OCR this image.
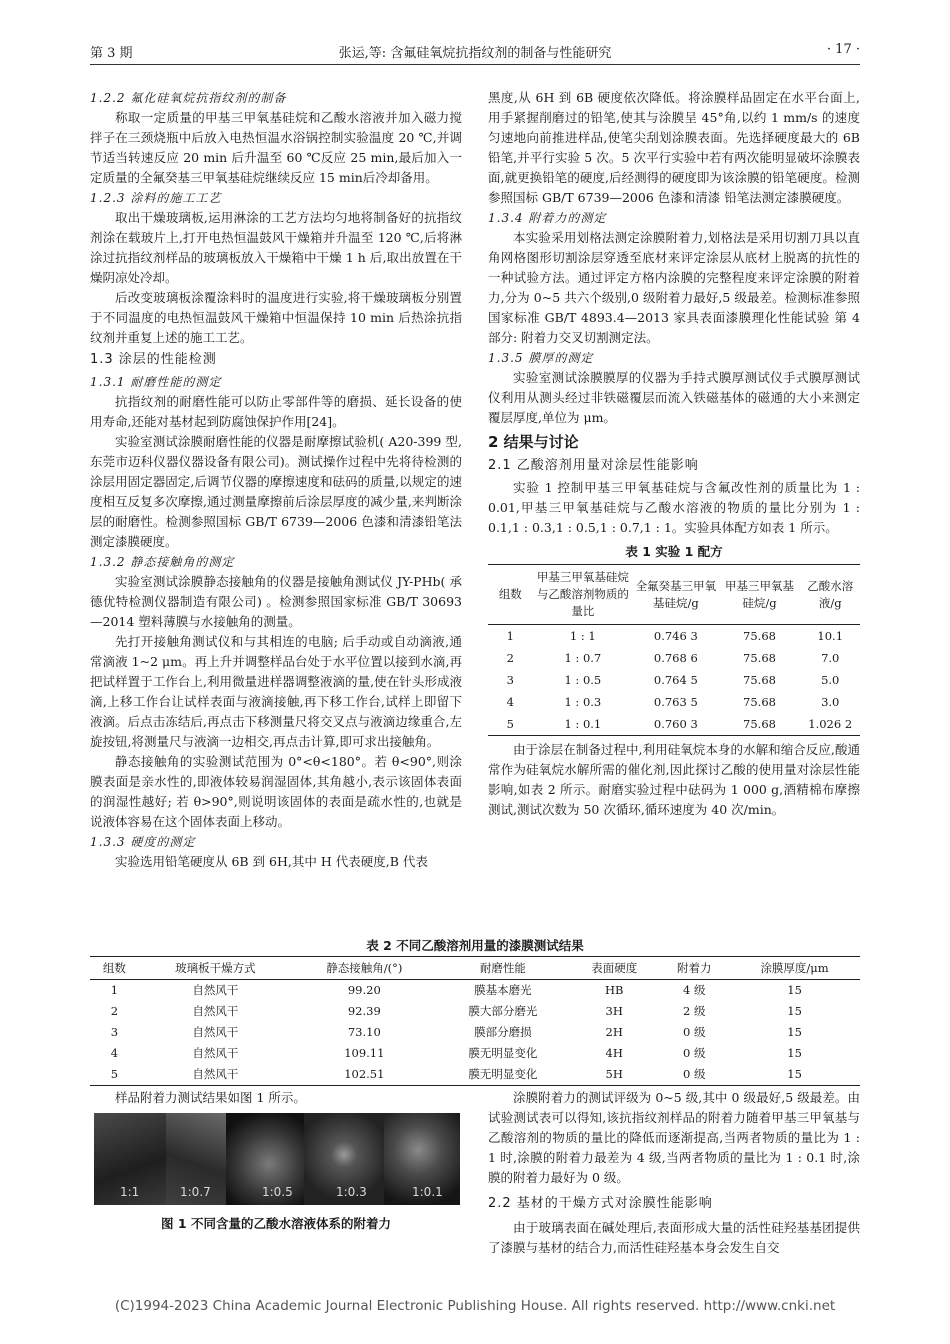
第 3 期	张运,等: 含氟硅氧烷抗指纹剂的制备与性能研究	· 17 ·
1.2.2 氟化硅氧烷抗指纹剂的制备

称取一定质量的甲基三甲氧基硅烷和乙酸水溶液并加入磁力搅拌子在三颈烧瓶中后放入电热恒温水浴锅控制实验温度 20 ℃,并调节适当转速反应 20 min 后升温至 60 ℃反应 25 min,最后加入一定质量的全氟癸基三甲氧基硅烷继续反应 15 min后冷却备用。

1.2.3 涂料的施工工艺

取出干燥玻璃板,运用淋涂的工艺方法均匀地将制备好的抗指纹剂涂在载玻片上,打开电热恒温鼓风干燥箱并升温至 120 ℃,后将淋涂过抗指纹剂样品的玻璃板放入干燥箱中干燥 1 h 后,取出放置在干燥阴凉处冷却。

后改变玻璃板涂覆涂料时的温度进行实验,将干燥玻璃板分别置于不同温度的电热恒温鼓风干燥箱中恒温保持 10 min 后热涂抗指纹剂并重复上述的施工工艺。

1.3 涂层的性能检测
1.3.1 耐磨性能的测定

抗指纹剂的耐磨性能可以防止零部件等的磨损、延长设备的使用寿命,还能对基材起到防腐蚀保护作用[24]。

实验室测试涂膜耐磨性能的仪器是耐摩擦试验机( A20-399 型,东莞市迈科仪器仪器设备有限公司)。测试操作过程中先将待检测的涂层用固定器固定,后调节仪器的摩擦速度和砝码的质量,以规定的速度相互反复多次摩擦,通过测量摩擦前后涂层厚度的减少量,来判断涂层的耐磨性。检测参照国标 GB/T 6739—2006 色漆和清漆铅笔法测定漆膜硬度。

1.3.2 静态接触角的测定

实验室测试涂膜静态接触角的仪器是接触角测试仪 JY-PHb( 承德优特检测仪器制造有限公司) 。检测参照国家标准 GB/T 30693—2014 塑料薄膜与水接触角的测量。

先打开接触角测试仪和与其相连的电脑; 后手动或自动滴液,通常滴液 1~2 μm。再上升并调整样品台处于水平位置以接到水滴,再把试样置于工作台上,利用微量进样器调整液滴的量,使在针头形成液滴,上移工作台让试样表面与液滴接触,再下移工作台,试样上即留下液滴。后点击冻结后,再点击下移测量尺将交叉点与液滴边缘重合,左旋按钮,将测量尺与液滴一边相交,再点击计算,即可求出接触角。

静态接触角的实验测试范围为 0°<θ<180°。若 θ<90°,则涂膜表面是亲水性的,即液体较易润湿固体,其角越小,表示该固体表面的润湿性越好; 若 θ>90°,则说明该固体的表面是疏水性的,也就是说液体容易在这个固体表面上移动。

1.3.3 硬度的测定

实验选用铅笔硬度从 6B 到 6H,其中 H 代表硬度,B 代表

黑度,从 6H 到 6B 硬度依次降低。将涂膜样品固定在水平台面上,用手紧握削磨过的铅笔,使其与涂膜呈 45°角,以约 1 mm/s 的速度匀速地向前推进样品,使笔尖刮划涂膜表面。先选择硬度最大的 6B 铅笔,并平行实验 5 次。5 次平行实验中若有两次能明显破坏涂膜表面,就更换铅笔的硬度,后经测得的硬度即为该涂膜的铅笔硬度。检测参照国标 GB/T 6739—2006 色漆和清漆 铅笔法测定漆膜硬度。

1.3.4 附着力的测定

本实验采用划格法测定涂膜附着力,划格法是采用切割刀具以直角网格图形切割涂层穿透至底材来评定涂层从底材上脱离的抗性的一种试验方法。通过评定方格内涂膜的完整程度来评定涂膜的附着力,分为 0~5 共六个级别,0 级附着力最好,5 级最差。检测标准参照国家标准 GB/T 4893.4—2013 家具表面漆膜理化性能试验 第 4 部分: 附着力交叉切割测定法。

1.3.5 膜厚的测定

实验室测试涂膜膜厚的仪器为手持式膜厚测试仪手式膜厚测试仪利用从测头经过非铁磁覆层而流入铁磁基体的磁通的大小来测定覆层厚度,单位为 μm。

2 结果与讨论
2.1 乙酸溶剂用量对涂层性能影响

实验 1 控制甲基三甲氧基硅烷与含氟改性剂的质量比为 1 : 0.01,甲基三甲氧基硅烷与乙酸水溶液的物质的量比分别为 1 : 0.1,1 : 0.3,1 : 0.5,1 : 0.7,1 : 1。实验具体配方如表 1 所示。

表 1 实验 1 配方
组数	甲基三甲氧基硅烷与乙酸溶剂物质的量比	全氟癸基三甲氧基硅烷/g	甲基三甲氧基硅烷/g	乙酸水溶液/g
1	1 : 1	0.746 3	75.68	10.1
2	1 : 0.7	0.768 6	75.68	7.0
3	1 : 0.5	0.764 5	75.68	5.0
4	1 : 0.3	0.763 5	75.68	3.0
5	1 : 0.1	0.760 3	75.68	1.026 2

由于涂层在制备过程中,利用硅氧烷本身的水解和缩合反应,酸通常作为硅氧烷水解所需的催化剂,因此探讨乙酸的使用量对涂层性能影响,如表 2 所示。耐磨实验过程中砝码为 1 000 g,酒精棉布摩擦测试,测试次数为 50 次循环,循环速度为 40 次/min。

表 2 不同乙酸溶剂用量的漆膜测试结果
组数	玻璃板干燥方式	静态接触角/(°)	耐磨性能	表面硬度	附着力	涂膜厚度/μm
1	自然风干	99.20	膜基本磨光	HB	4 级	15
2	自然风干	92.39	膜大部分磨光	3H	2 级	15
3	自然风干	73.10	膜部分磨损	2H	0 级	15
4	自然风干	109.11	膜无明显变化	4H	0 级	15
5	自然风干	102.51	膜无明显变化	5H	0 级	15

样品附着力测试结果如图 1 所示。

1:1	1:0.7	1:0.5	1:0.3	1:0.1
图 1 不同含量的乙酸水溶液体系的附着力

涂膜附着力的测试评级为 0~5 级,其中 0 级最好,5 级最差。由试验测试表可以得知,该抗指纹剂样品的附着力随着甲基三甲氧基与乙酸溶剂的物质的量比的降低而逐渐提高,当两者物质的量比为 1 : 1 时,涂膜的附着力最差为 4 级,当两者物质的量比为 1 : 0.1 时,涂膜的附着力最好为 0 级。

2.2 基材的干燥方式对涂膜性能影响

由于玻璃表面在碱处理后,表面形成大量的活性硅羟基基团提供了漆膜与基材的结合力,而活性硅羟基本身会发生自交

(C)1994-2023 China Academic Journal Electronic Publishing House. All rights reserved. http://www.cnki.net
